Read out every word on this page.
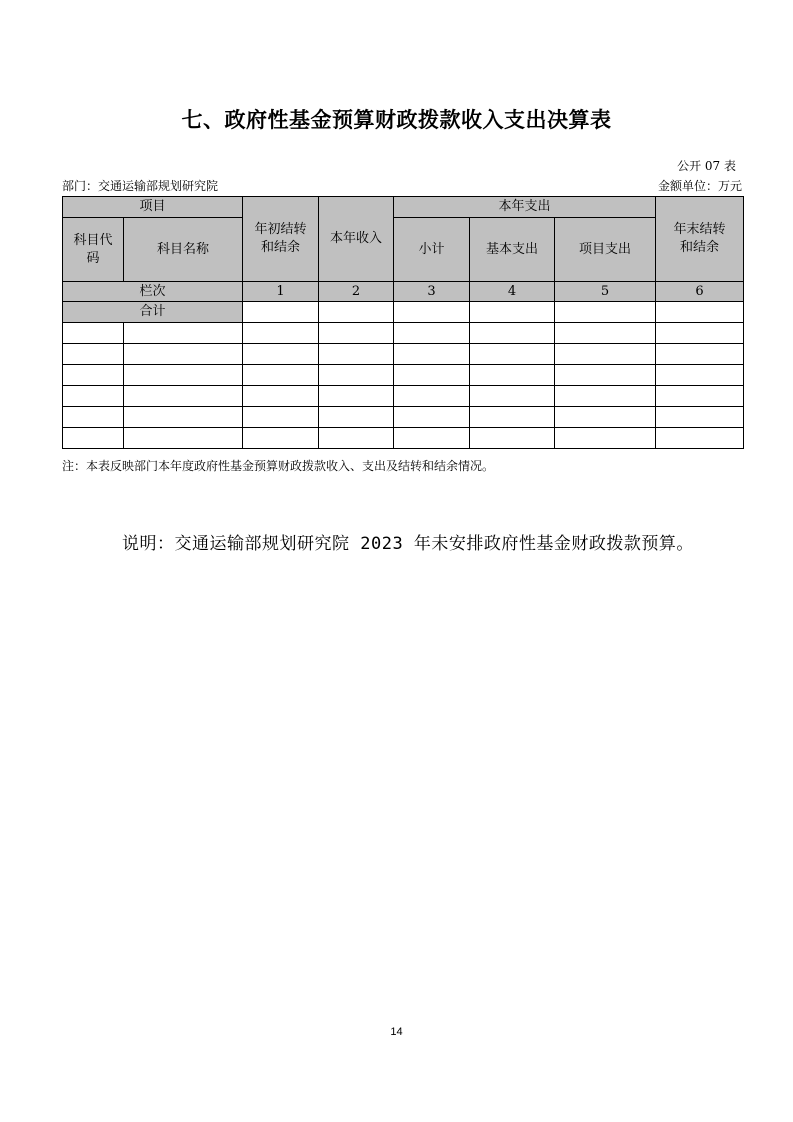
七、政府性基金预算财政拨款收入支出决算表
公开 07 表
部门：交通运输部规划研究院	金额单位：万元
项目		年初结转和结余	本年收入	本年支出			年末结转和结余

科目代码	科目名称			小计	基本支出	项目支出	
栏次		1	2	3	4	5	6
合计							

注：本表反映部门本年度政府性基金预算财政拨款收入、支出及结转和结余情况。
说明：交通运输部规划研究院 2023 年未安排政府性基金财政拨款预算。
14
